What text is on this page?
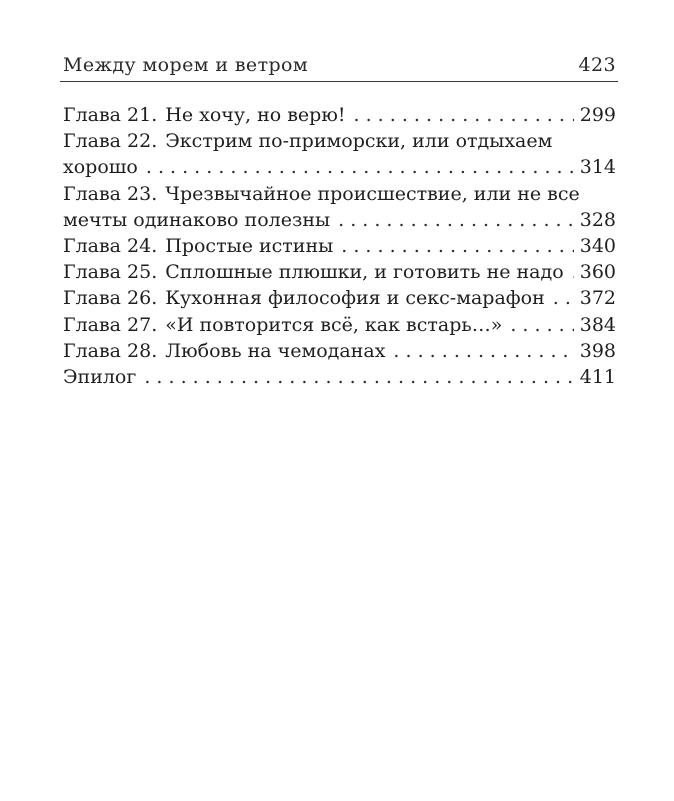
Между морем и ветром	423
Глава 21. Не хочу, но верю! . . .	299
Глава 22. Экстрим по-приморски, или отдыхаем
хорошо . . .	314
Глава 23. Чрезвычайное происшествие, или не все
мечты одинаково полезны . . .	328
Глава 24. Простые истины . . .	340
Глава 25. Сплошные плюшки, и готовить не надо . . . 360
Глава 26. Кухонная философия и секс-марафон . . . 372
Глава 27. «И повторится всё, как встарь…» . . .	384
Глава 28. Любовь на чемоданах . . .	398
Эпилог . . .	411
